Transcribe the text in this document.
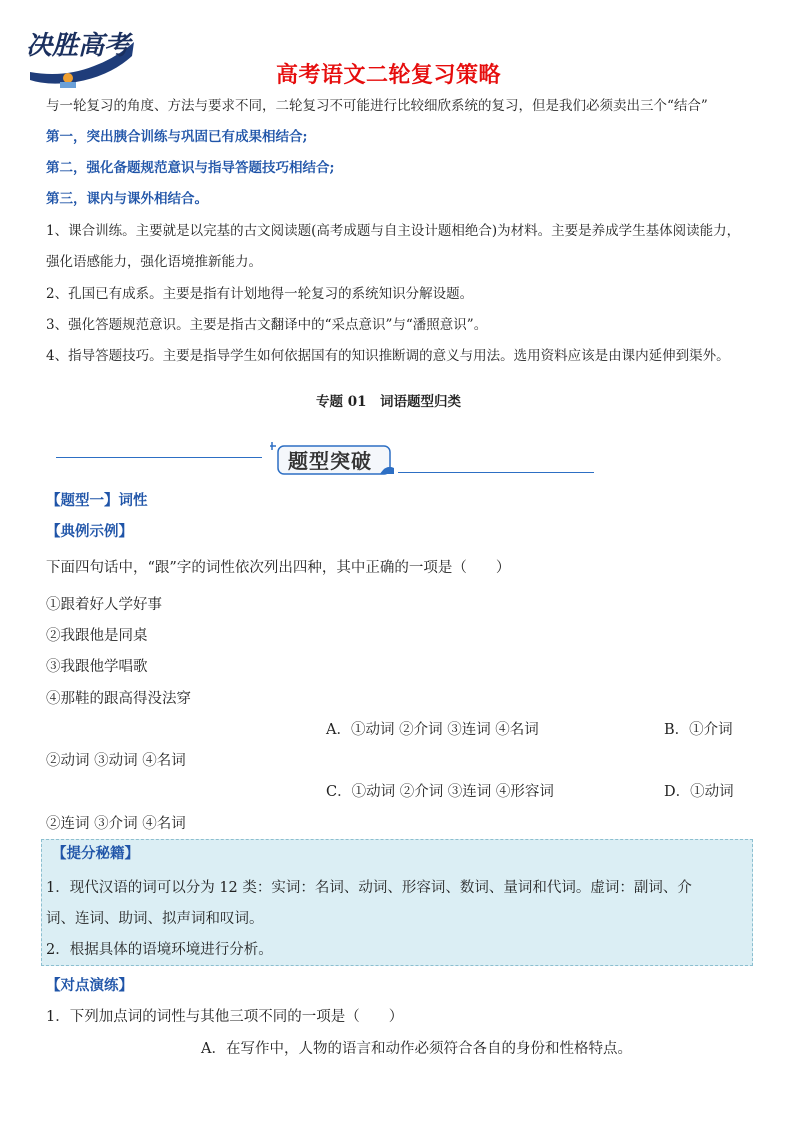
决胜高考
高考语文二轮复习策略
与一轮复习的角度、方法与要求不同，二轮复习不可能进行比较细欣系统的复习，但是我们必须卖出三个“结合”
第一，突出胰合训练与巩固已有成果相结合;
第二，强化备题规范意识与指导答题技巧相结合;
第三，课内与课外相结合。
1、课合训练。主要就是以完基的古文阅读题(高考成题与自主设计题相绝合)为材料。主要是养成学生基体阅读能力，
强化语感能力，强化语境推新能力。
2、孔国已有成系。主要是指有计划地得一轮复习的系统知识分解设题。
3、强化答题规范意识。主要是指古文翻译中的“采点意识”与“潘照意识”。
4、指导答题技巧。主要是指导学生如何依据国有的知识推断调的意义与用法。选用资料应该是由课内延伸到渠外。
专题 01　词语题型归类
题型突破
【题型一】词性
【典例示例】
下面四句话中，“跟”字的词性依次列出四种，其中正确的一项是（　　）
①跟着好人学好事
②我跟他是同桌
③我跟他学唱歌
④那鞋的跟高得没法穿
A．①动词 ②介词 ③连词 ④名词	B．①介词
②动词 ③动词 ④名词
C．①动词 ②介词 ③连词 ④形容词	D．①动词
②连词 ③介词 ④名词
【提分秘籍】
1．现代汉语的词可以分为 12 类：实词：名词、动词、形容词、数词、量词和代词。虚词：副词、介
词、连词、助词、拟声词和叹词。
2．根据具体的语境环境进行分析。
【对点演练】
1．下列加点词的词性与其他三项不同的一项是（　　）
A．在写作中，人物的语言和动作必须符合各自的身份和性格特点。
